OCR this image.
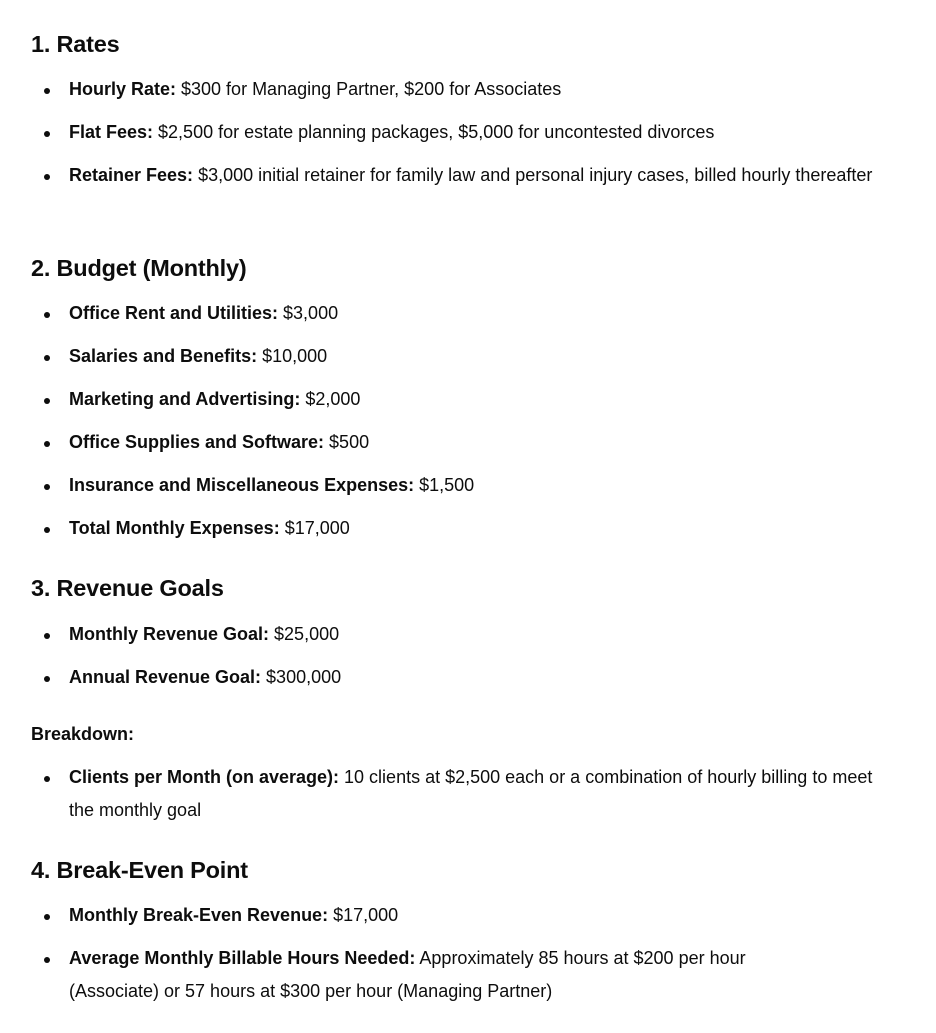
1. Rates
Hourly Rate: $300 for Managing Partner, $200 for Associates
Flat Fees: $2,500 for estate planning packages, $5,000 for uncontested divorces
Retainer Fees: $3,000 initial retainer for family law and personal injury cases, billed hourly thereafter
2. Budget (Monthly)
Office Rent and Utilities: $3,000
Salaries and Benefits: $10,000
Marketing and Advertising: $2,000
Office Supplies and Software: $500
Insurance and Miscellaneous Expenses: $1,500
Total Monthly Expenses: $17,000
3. Revenue Goals
Monthly Revenue Goal: $25,000
Annual Revenue Goal: $300,000

Breakdown:

Clients per Month (on average): 10 clients at $2,500 each or a combination of hourly billing to meet the monthly goal
4. Break-Even Point
Monthly Break-Even Revenue: $17,000
Average Monthly Billable Hours Needed: Approximately 85 hours at $200 per hour (Associate) or 57 hours at $300 per hour (Managing Partner)
